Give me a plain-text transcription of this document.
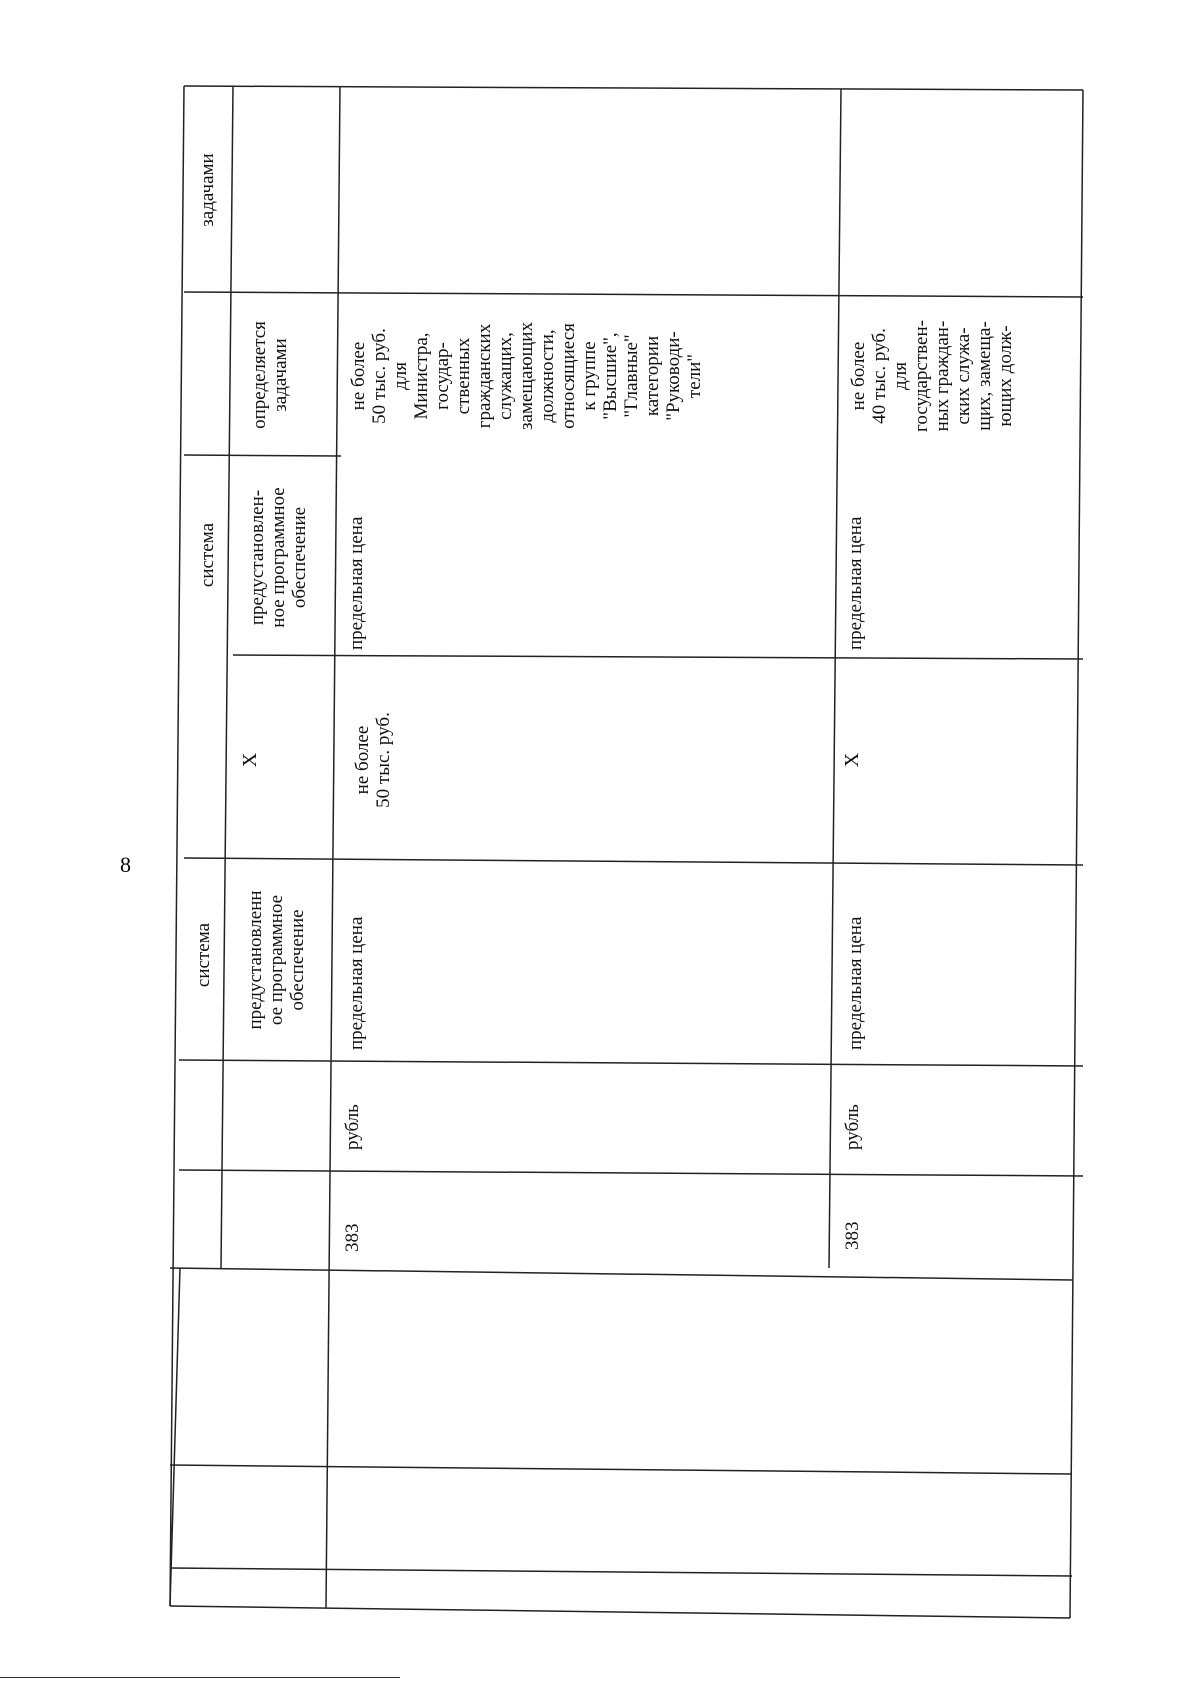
8
задачами
система
система предустановленн ое программное обеспечение
X
предустановлен- ное программное обеспечение
определяется задачами
383
рубль
предельная цена
не более 50 тыс. руб.
предельная цена
не более 50 тыс. руб. для Министра, государ- ственных гражданских служащих, замещающих должности, относящиеся к группе "Высшие", "Главные" категории "Руководи- тели"
383
рубль
предельная цена
X
предельная цена
не более 40 тыс. руб. для государствен- ных граждан- ских служа- щих, замеща- ющих долж-
